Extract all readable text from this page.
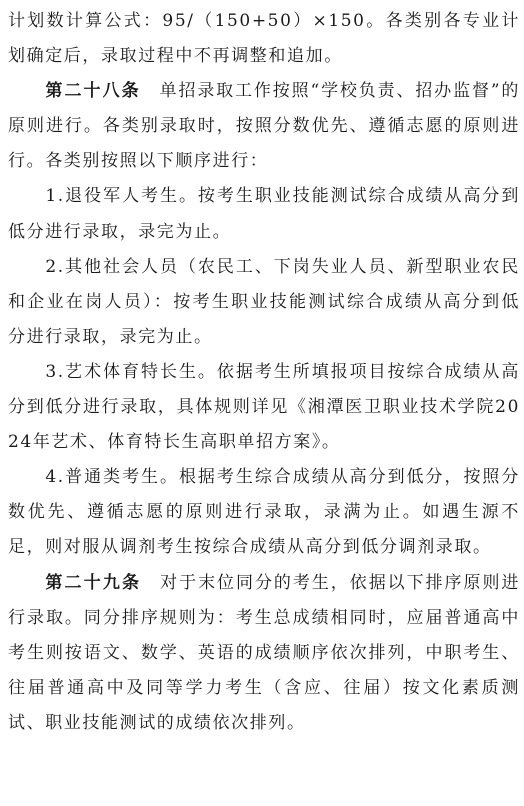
计划数计算公式：95/（150+50）×150。各类别各专业计划确定后，录取过程中不再调整和追加。

第二十八条　 单招录取工作按照“学校负责、招办监督”的原则进行。各类别录取时，按照分数优先、遵循志愿的原则进行。各类别按照以下顺序进行：

1.退役军人考生。按考生职业技能测试综合成绩从高分到低分进行录取，录完为止。

2.其他社会人员（农民工、下岗失业人员、新型职业农民和企业在岗人员）：按考生职业技能测试综合成绩从高分到低分进行录取，录完为止。

3.艺术体育特长生。依据考生所填报项目按综合成绩从高分到低分进行录取，具体规则详见《湘潭医卫职业技术学院2024年艺术、体育特长生高职单招方案》。

4.普通类考生。根据考生综合成绩从高分到低分，按照分数优先、遵循志愿的原则进行录取，录满为止。如遇生源不足，则对服从调剂考生按综合成绩从高分到低分调剂录取。

第二十九条　 对于末位同分的考生，依据以下排序原则进行录取。同分排序规则为：考生总成绩相同时，应届普通高中考生则按语文、数学、英语的成绩顺序依次排列，中职考生、往届普通高中及同等学力考生（含应、往届）按文化素质测试、职业技能测试的成绩依次排列。
